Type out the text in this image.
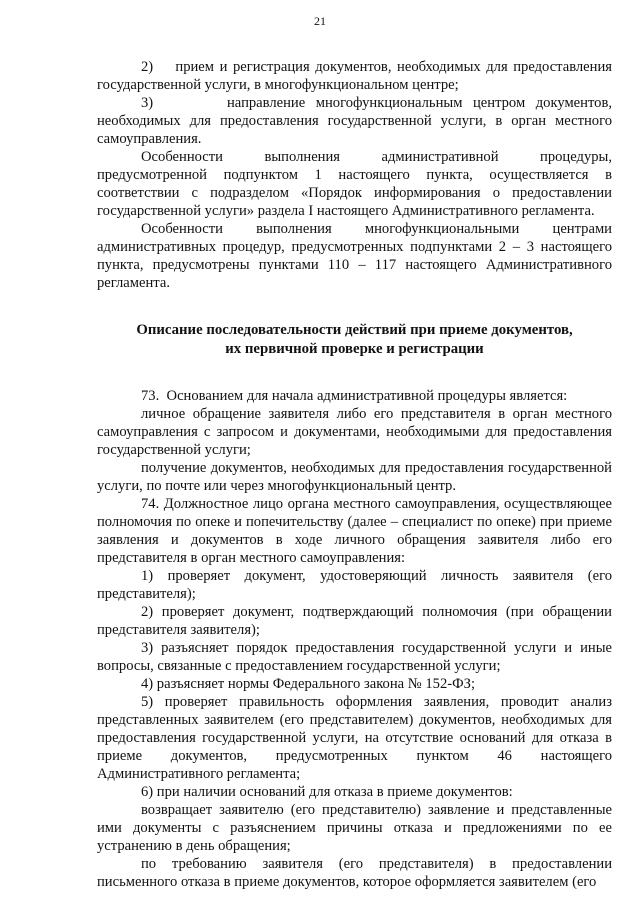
21

2)    прием и регистрация документов, необходимых для предоставления государственной услуги, в многофункциональном центре;

3)       направление многофункциональным центром документов, необходимых для предоставления государственной услуги, в орган местного самоуправления.

Особенности выполнения административной процедуры, предусмотренной подпунктом 1 настоящего пункта, осуществляется в соответствии с подразделом «Порядок информирования о предоставлении государственной услуги» раздела I настоящего Административного регламента.

Особенности выполнения многофункциональными центрами административных процедур, предусмотренных подпунктами 2 – 3 настоящего пункта, предусмотрены пунктами 110 – 117 настоящего Административного регламента.

Описание последовательности действий при приеме документов,
их первичной проверке и регистрации

73.  Основанием для начала административной процедуры является:

личное обращение заявителя либо его представителя в орган местного самоуправления с запросом и документами, необходимыми для предоставления государственной услуги;

получение документов, необходимых для предоставления государственной услуги, по почте или через многофункциональный центр.

74. Должностное лицо органа местного самоуправления, осуществляющее полномочия по опеке и попечительству (далее – специалист по опеке) при приеме заявления и документов в ходе личного обращения заявителя либо его представителя в орган местного самоуправления:

1) проверяет документ, удостоверяющий личность заявителя (его представителя);

2) проверяет документ, подтверждающий полномочия (при обращении представителя заявителя);

3) разъясняет порядок предоставления государственной услуги и иные вопросы, связанные с предоставлением государственной услуги;

4) разъясняет нормы Федерального закона № 152-ФЗ;

5) проверяет правильность оформления заявления, проводит анализ представленных заявителем (его представителем) документов, необходимых для предоставления государственной услуги, на отсутствие оснований для отказа в приеме документов, предусмотренных пунктом 46 настоящего Административного регламента;

6) при наличии оснований для отказа в приеме документов:

возвращает заявителю (его представителю) заявление и представленные ими документы с разъяснением причины отказа и предложениями по ее устранению в день обращения;

по требованию заявителя (его представителя) в предоставлении письменного отказа в приеме документов, которое оформляется заявителем (его
